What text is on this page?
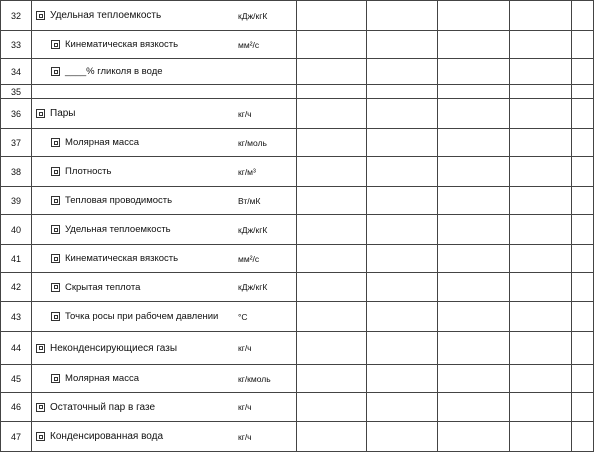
32	Удельная теплоемкость кДж/кгК					

33	Кинематическая вязкость мм²/с					

34	____% гликоля в воде					

35	

36	Пары кг/ч					

37	Молярная масса кг/моль					

38	Плотность кг/м³					

39	Тепловая проводимость Вт/мК					

40	Удельная теплоемкость кДж/кгК					

41	Кинематическая вязкость мм²/с					

42	Скрытая теплота кДж/кгК					

43	Точка росы при рабочем давлении °С					

44	Неконденсирующиеся газы кг/ч					

45	Молярная масса кг/кмоль					

46	Остаточный пар в газе кг/ч					

47	Конденсированная вода кг/ч					
